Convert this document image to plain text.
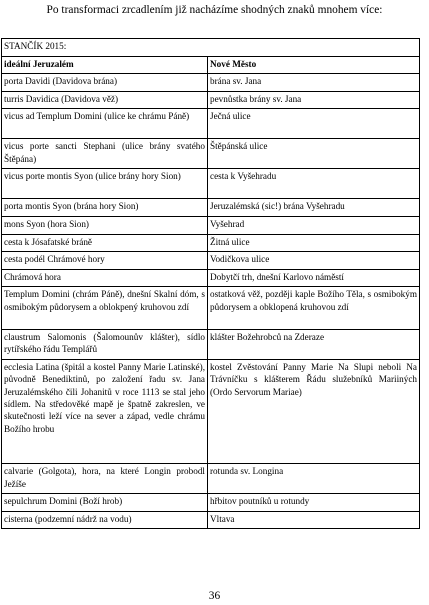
Po transformaci zrcadlením již nacházíme shodných znaků mnohem více:
STANČÍK 2015:	
ideální Jeruzalém	Nové Město
porta Davidi (Davidova brána)	brána sv. Jana
turris Davidica (Davidova věž)	pevnůstka brány sv. Jana
vicus ad Templum Domini (ulice ke chrámu Páně)	Ječná ulice
vicus porte sancti Stephani (ulice brány svatého Štěpána)	Štěpánská ulice
vicus porte montis Syon (ulice brány hory Sion)	cesta k Vyšehradu
porta montis Syon (brána hory Sion)	Jeruzalémská (sic!) brána Vyšehradu
mons Syon (hora Sion)	Vyšehrad
cesta k Jósafatské bráně	Žitná ulice
cesta podél Chrámové hory	Vodičkova ulice
Chrámová hora	Dobytčí trh, dnešní Karlovo náměstí
Templum Domini (chrám Páně), dnešní Skalní dóm, s osmibokým půdorysem a oblokpený kruhovou zdí	ostatková věž, později kaple Božího Těla, s osmibokým půdorysem a obklopená kruhovou zdí
claustrum Salomonis (Šalomounův klášter), sídlo rytířského řádu Templářů	klášter Božehrobců na Zderaze
ecclesia Latina (špitál a kostel Panny Marie Latinské), původně Benediktinů, po založení řadu sv. Jana Jeruzalémského čili Johanitů v roce 1113 se stal jeho sídlem. Na středověké mapě je špatně zakreslen, ve skutečnosti leží více na sever a západ, vedle chrámu Božího hrobu	kostel Zvěstování Panny Marie Na Slupi neboli Na Trávníčku s klášterem Řádu služebníků Mariiných (Ordo Servorum Mariae)
calvarie (Golgota), hora, na které Longin probodl Ježíše	rotunda sv. Longina
sepulchrum Domini (Boží hrob)	hřbitov poutníků u rotundy
cisterna (podzemní nádrž na vodu)	Vltava
36
